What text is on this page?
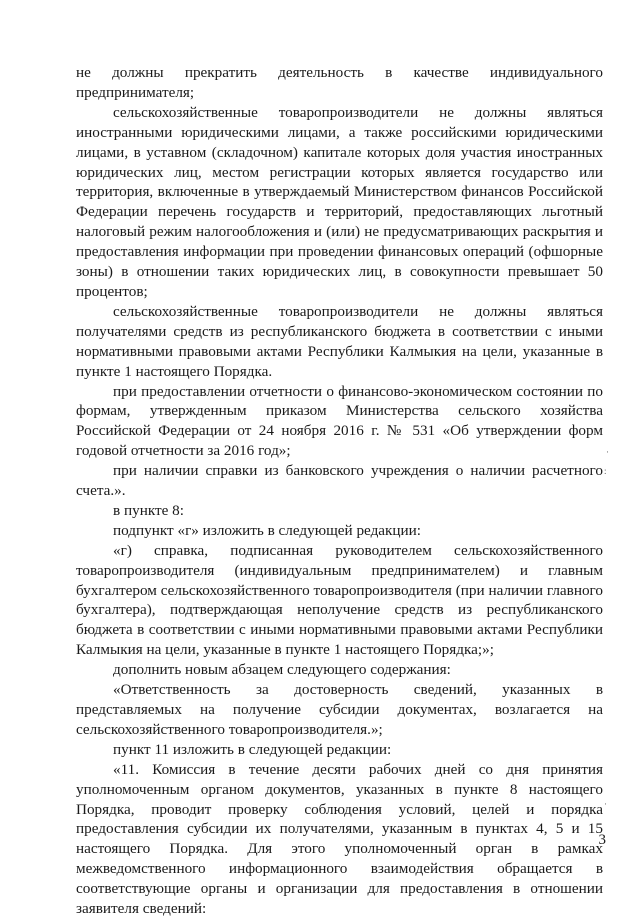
не должны прекратить деятельность в качестве индивидуального предпринимателя;

сельскохозяйственные товаропроизводители не должны являться иностранными юридическими лицами, а также российскими юридическими лицами, в уставном (складочном) капитале которых доля участия иностранных юридических лиц, местом регистрации которых является государство или территория, включенные в утверждаемый Министерством финансов Российской Федерации перечень государств и территорий, предоставляющих льготный налоговый режим налогообложения и (или) не предусматривающих раскрытия и предоставления информации при проведении финансовых операций (офшорные зоны) в отношении таких юридических лиц, в совокупности превышает 50 процентов;

сельскохозяйственные товаропроизводители не должны являться получателями средств из республиканского бюджета в соответствии с иными нормативными правовыми актами Республики Калмыкия на цели, указанные в пункте 1 настоящего Порядка.

при предоставлении отчетности о финансово-экономическом состоянии по формам, утвержденным приказом Министерства сельского хозяйства Российской Федерации от 24 ноября 2016 г. № 531 «Об утверждении форм годовой отчетности за 2016 год»;

при наличии справки из банковского учреждения о наличии расчетного счета.».

в пункте 8:

подпункт «г» изложить в следующей редакции:

«г) справка, подписанная руководителем сельскохозяйственного товаропроизводителя (индивидуальным предпринимателем) и главным бухгалтером сельскохозяйственного товаропроизводителя (при наличии главного бухгалтера), подтверждающая неполучение средств из республиканского бюджета в соответствии с иными нормативными правовыми актами Республики Калмыкия на цели, указанные в пункте 1 настоящего Порядка;»;

дополнить новым абзацем следующего содержания:

«Ответственность за достоверность сведений, указанных в представляемых на получение субсидии документах, возлагается на сельскохозяйственного товаропроизводителя.»;

пункт 11 изложить в следующей редакции:

«11. Комиссия в течение десяти рабочих дней со дня принятия уполномоченным органом документов, указанных в пункте 8 настоящего Порядка, проводит проверку соблюдения условий, целей и порядка предоставления субсидии их получателями, указанным в пунктах 4, 5 и 15 настоящего Порядка. Для этого уполномоченный орган в рамках межведомственного информационного взаимодействия обращается в соответствующие органы и организации для предоставления в отношении заявителя сведений:

·
:
·
3
